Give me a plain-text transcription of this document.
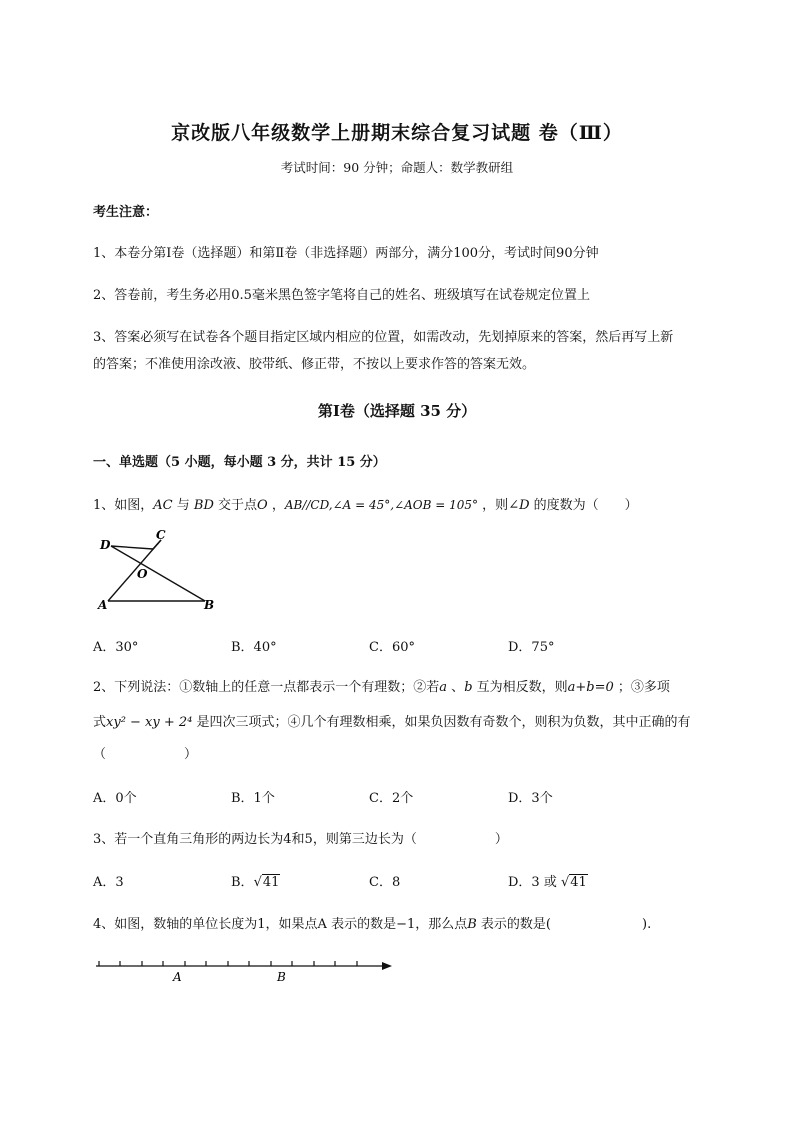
京改版八年级数学上册期末综合复习试题 卷（Ⅲ）
考试时间：90 分钟；命题人：数学教研组
考生注意：
1、本卷分第Ⅰ卷（选择题）和第Ⅱ卷（非选择题）两部分，满分100分，考试时间90分钟
2、答卷前，考生务必用0.5毫米黑色签字笔将自己的姓名、班级填写在试卷规定位置上
3、答案必须写在试卷各个题目指定区域内相应的位置，如需改动，先划掉原来的答案，然后再写上新
的答案；不准使用涂改液、胶带纸、修正带，不按以上要求作答的答案无效。
第Ⅰ卷（选择题 35 分）
一、单选题（5 小题，每小题 3 分，共计 15 分）
1、如图，AC 与 BD 交于点O ，AB//CD,∠A = 45°,∠AOB = 105° ，则∠D 的度数为（　　）
D
C
O
A	B
A．30°	B．40°	C．60°	D．75°
2、下列说法：①数轴上的任意一点都表示一个有理数；②若a 、b 互为相反数，则a+b=0 ；③多项
式xy² − xy + 2⁴ 是四次三项式；④几个有理数相乘，如果负因数有奇数个，则积为负数，其中正确的有
（　　　　　　）
A．0个	B．1个	C．2个	D．3个
3、若一个直角三角形的两边长为4和5，则第三边长为（　　　　　　）
A．3	B．√41	C．8	D．3 或 √41
4、如图，数轴的单位长度为1，如果点A 表示的数是−1，那么点B 表示的数是(　　　　　　　).
A	B
